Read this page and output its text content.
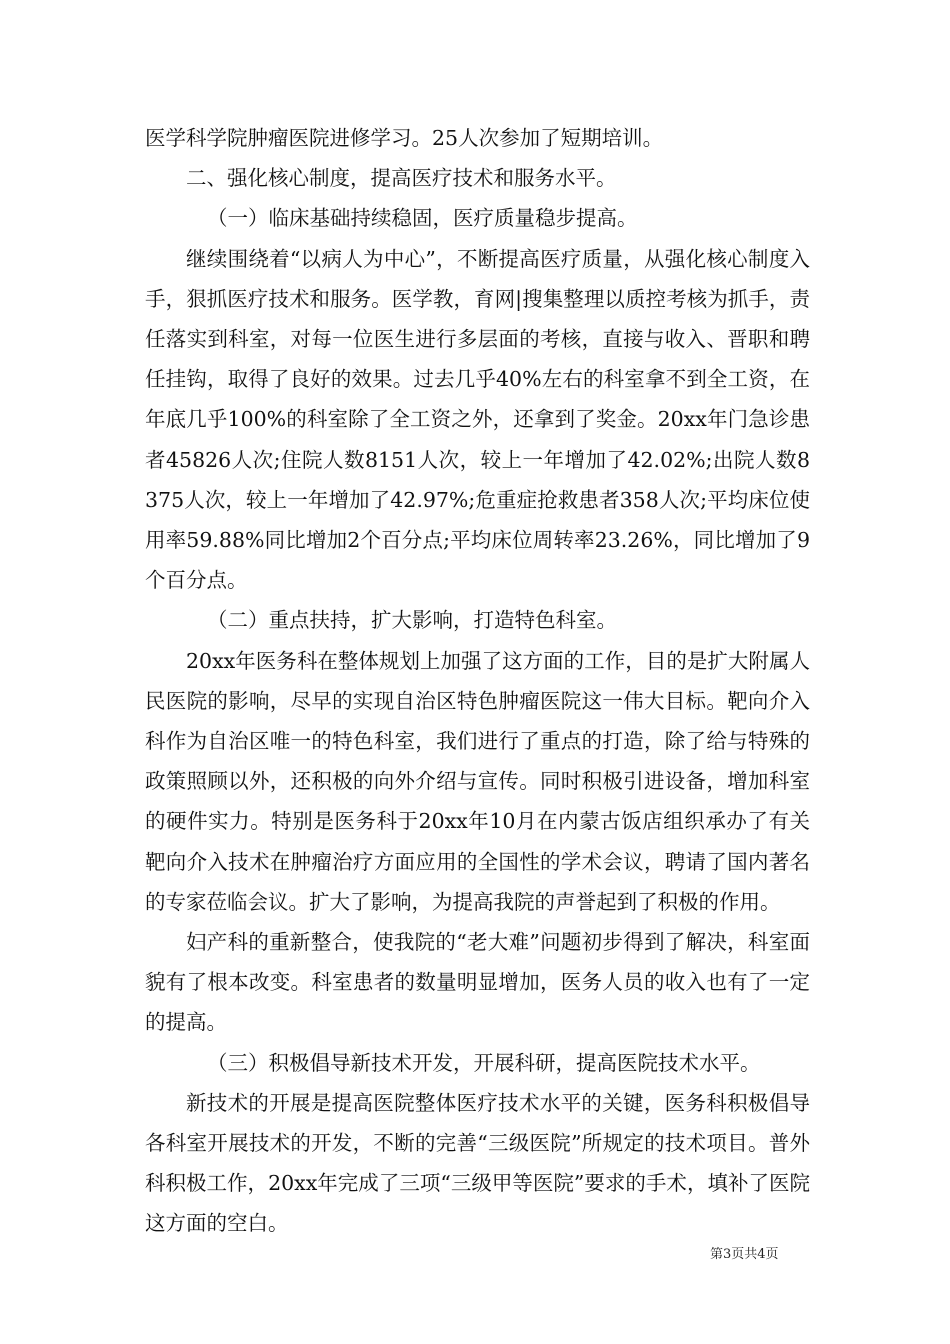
医学科学院肿瘤医院进修学习。25人次参加了短期培训。

二、强化核心制度，提高医疗技术和服务水平。

（一）临床基础持续稳固，医疗质量稳步提高。

继续围绕着“以病人为中心”，不断提高医疗质量，从强化核心制度入手，狠抓医疗技术和服务。医学教，育网|搜集整理以质控考核为抓手，责任落实到科室，对每一位医生进行多层面的考核，直接与收入、晋职和聘任挂钩，取得了良好的效果。过去几乎40%左右的科室拿不到全工资，在年底几乎100%的科室除了全工资之外，还拿到了奖金。20xx年门急诊患者45826人次;住院人数8151人次，较上一年增加了42.02%;出院人数8375人次，较上一年增加了42.97%;危重症抢救患者358人次;平均床位使用率59.88%同比增加2个百分点;平均床位周转率23.26%，同比增加了9个百分点。

（二）重点扶持，扩大影响，打造特色科室。

20xx年医务科在整体规划上加强了这方面的工作，目的是扩大附属人民医院的影响，尽早的实现自治区特色肿瘤医院这一伟大目标。靶向介入科作为自治区唯一的特色科室，我们进行了重点的打造，除了给与特殊的政策照顾以外，还积极的向外介绍与宣传。同时积极引进设备，增加科室的硬件实力。特别是医务科于20xx年10月在内蒙古饭店组织承办了有关靶向介入技术在肿瘤治疗方面应用的全国性的学术会议，聘请了国内著名的专家莅临会议。扩大了影响，为提高我院的声誉起到了积极的作用。

妇产科的重新整合，使我院的“老大难”问题初步得到了解决，科室面貌有了根本改变。科室患者的数量明显增加，医务人员的收入也有了一定的提高。

（三）积极倡导新技术开发，开展科研，提高医院技术水平。

新技术的开展是提高医院整体医疗技术水平的关键，医务科积极倡导各科室开展技术的开发，不断的完善“三级医院”所规定的技术项目。普外科积极工作，20xx年完成了三项“三级甲等医院”要求的手术，填补了医院这方面的空白。

第3页共4页
